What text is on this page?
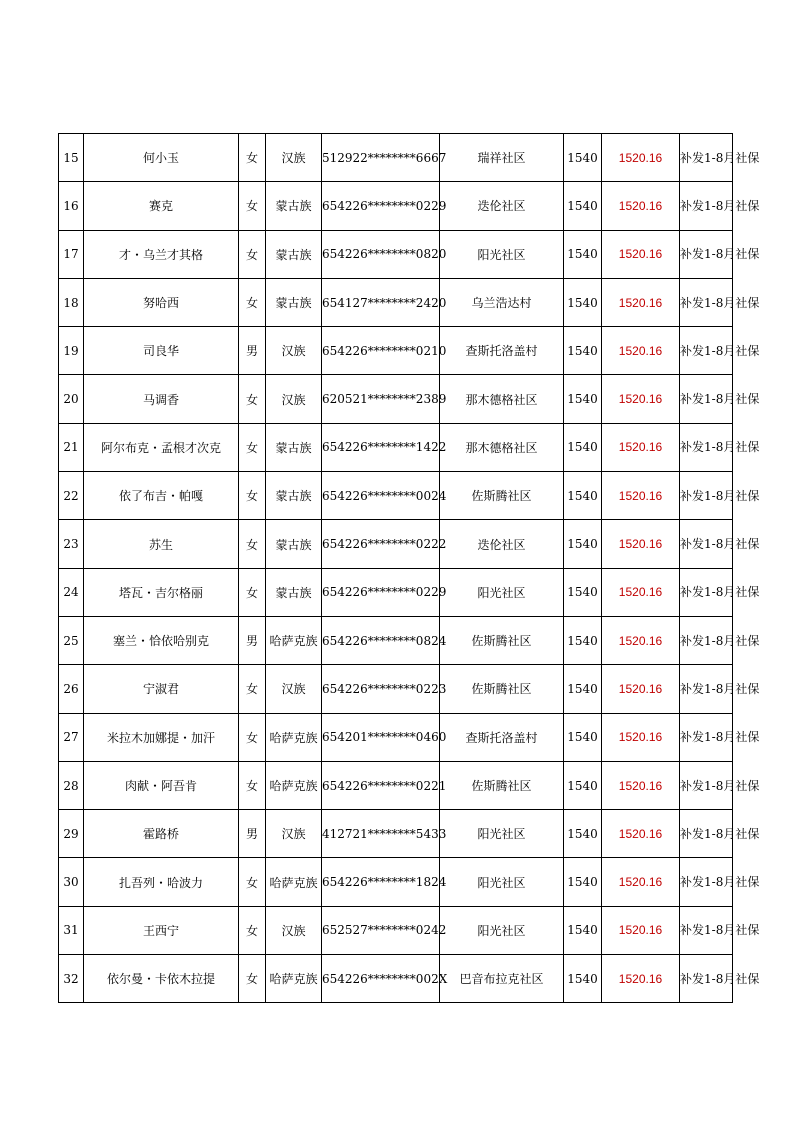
15	何小玉	女	汉族	512922********6667	瑞祥社区	1540	1520.16	补发1-8月社保
16	赛克	女	蒙古族	654226********0229	迭伦社区	1540	1520.16	补发1-8月社保
17	才・乌兰才其格	女	蒙古族	654226********0820	阳光社区	1540	1520.16	补发1-8月社保
18	努哈西	女	蒙古族	654127********2420	乌兰浩达村	1540	1520.16	补发1-8月社保
19	司良华	男	汉族	654226********0210	查斯托洛盖村	1540	1520.16	补发1-8月社保
20	马调香	女	汉族	620521********2389	那木德格社区	1540	1520.16	补发1-8月社保
21	阿尔布克・孟根才次克	女	蒙古族	654226********1422	那木德格社区	1540	1520.16	补发1-8月社保
22	依了布吉・帕嘎	女	蒙古族	654226********0024	佐斯腾社区	1540	1520.16	补发1-8月社保
23	苏生	女	蒙古族	654226********0222	迭伦社区	1540	1520.16	补发1-8月社保
24	塔瓦・吉尔格丽	女	蒙古族	654226********0229	阳光社区	1540	1520.16	补发1-8月社保
25	塞兰・恰依哈别克	男	哈萨克族	654226********0824	佐斯腾社区	1540	1520.16	补发1-8月社保
26	宁淑君	女	汉族	654226********0223	佐斯腾社区	1540	1520.16	补发1-8月社保
27	米拉木加娜提・加汗	女	哈萨克族	654201********0460	查斯托洛盖村	1540	1520.16	补发1-8月社保
28	肉献・阿吾肯	女	哈萨克族	654226********0221	佐斯腾社区	1540	1520.16	补发1-8月社保
29	霍路桥	男	汉族	412721********5433	阳光社区	1540	1520.16	补发1-8月社保
30	扎吾列・哈波力	女	哈萨克族	654226********1824	阳光社区	1540	1520.16	补发1-8月社保
31	王西宁	女	汉族	652527********0242	阳光社区	1540	1520.16	补发1-8月社保
32	依尔曼・卡依木拉提	女	哈萨克族	654226********002X	巴音布拉克社区	1540	1520.16	补发1-8月社保
